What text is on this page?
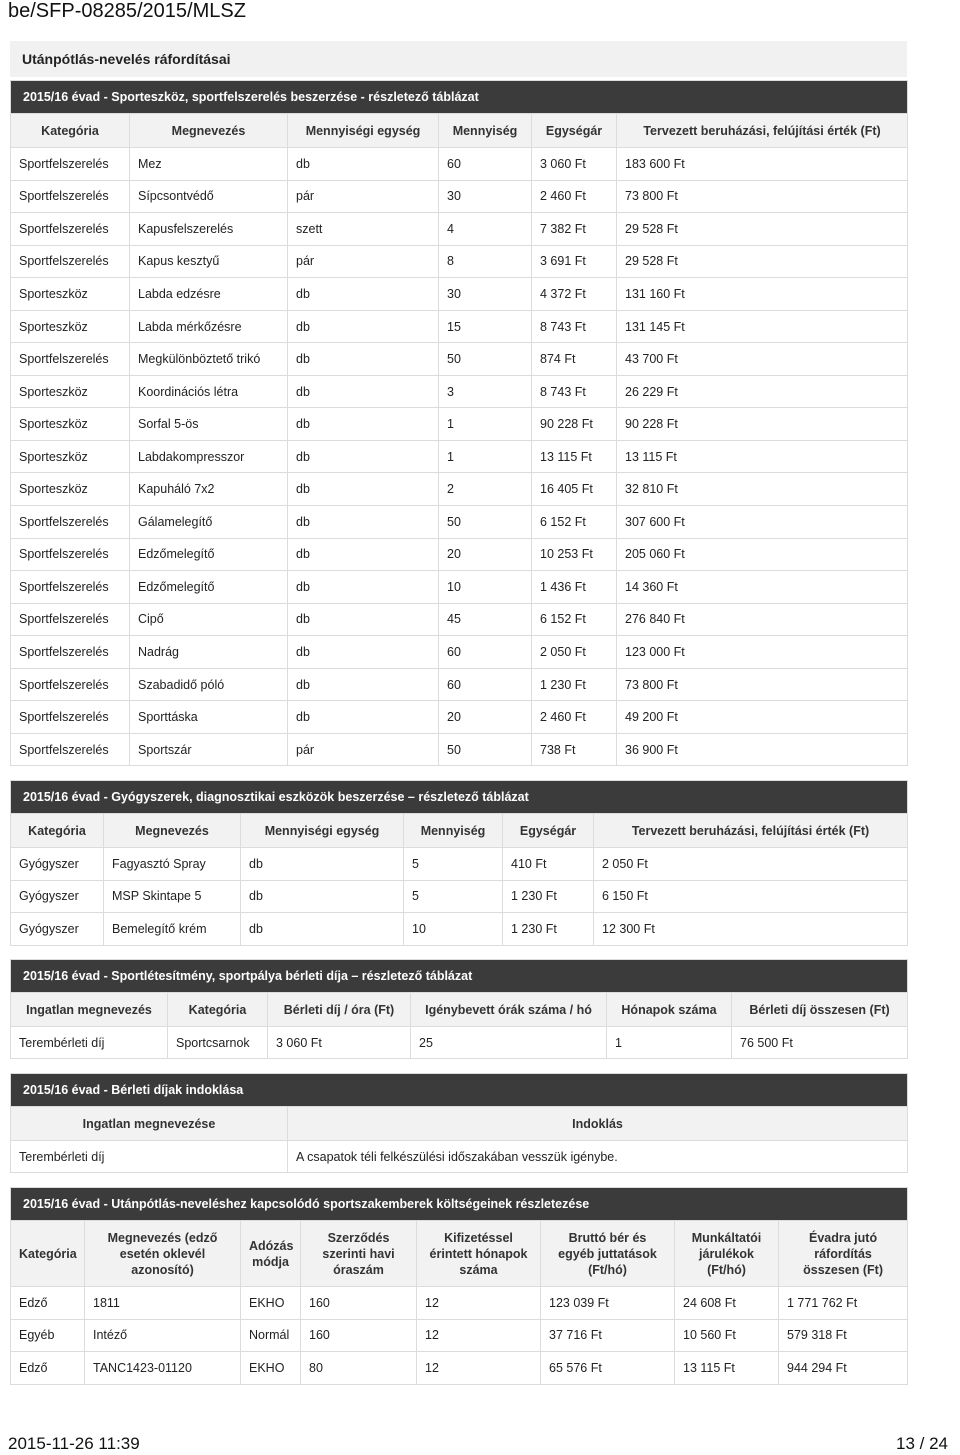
be/SFP-08285/2015/MLSZ
Utánpótlás-nevelés ráfordításai
2015/16 évad - Sporteszköz, sportfelszerelés beszerzése - részletező táblázat					
Kategória	Megnevezés	Mennyiségi egység	Mennyiség	Egységár	Tervezett beruházási, felújítási érték (Ft)
Sportfelszerelés	Mez	db	60	3 060 Ft	183 600 Ft
Sportfelszerelés	Sípcsontvédő	pár	30	2 460 Ft	73 800 Ft
Sportfelszerelés	Kapusfelszerelés	szett	4	7 382 Ft	29 528 Ft
Sportfelszerelés	Kapus kesztyű	pár	8	3 691 Ft	29 528 Ft
Sporteszköz	Labda edzésre	db	30	4 372 Ft	131 160 Ft
Sporteszköz	Labda mérkőzésre	db	15	8 743 Ft	131 145 Ft
Sportfelszerelés	Megkülönböztető trikó	db	50	874 Ft	43 700 Ft
Sporteszköz	Koordinációs létra	db	3	8 743 Ft	26 229 Ft
Sporteszköz	Sorfal 5-ös	db	1	90 228 Ft	90 228 Ft
Sporteszköz	Labdakompresszor	db	1	13 115 Ft	13 115 Ft
Sporteszköz	Kapuháló 7x2	db	2	16 405 Ft	32 810 Ft
Sportfelszerelés	Gálamelegítő	db	50	6 152 Ft	307 600 Ft
Sportfelszerelés	Edzőmelegítő	db	20	10 253 Ft	205 060 Ft
Sportfelszerelés	Edzőmelegítő	db	10	1 436 Ft	14 360 Ft
Sportfelszerelés	Cipő	db	45	6 152 Ft	276 840 Ft
Sportfelszerelés	Nadrág	db	60	2 050 Ft	123 000 Ft
Sportfelszerelés	Szabadidő póló	db	60	1 230 Ft	73 800 Ft
Sportfelszerelés	Sporttáska	db	20	2 460 Ft	49 200 Ft
Sportfelszerelés	Sportszár	pár	50	738 Ft	36 900 Ft
2015/16 évad - Gyógyszerek, diagnosztikai eszközök beszerzése – részletező táblázat					
Kategória	Megnevezés	Mennyiségi egység	Mennyiség	Egységár	Tervezett beruházási, felújítási érték (Ft)
Gyógyszer	Fagyasztó Spray	db	5	410 Ft	2 050 Ft
Gyógyszer	MSP Skintape 5	db	5	1 230 Ft	6 150 Ft
Gyógyszer	Bemelegítő krém	db	10	1 230 Ft	12 300 Ft
2015/16 évad - Sportlétesítmény, sportpálya bérleti díja – részletező táblázat					
Ingatlan megnevezés	Kategória	Bérleti díj / óra (Ft)	Igénybevett órák száma / hó	Hónapok száma	Bérleti díj összesen (Ft)
Terembérleti díj	Sportcsarnok	3 060 Ft	25	1	76 500 Ft
2015/16 évad - Bérleti díjak indoklása	
Ingatlan megnevezése	Indoklás
Terembérleti díj	A csapatok téli felkészülési időszakában vesszük igénybe.
2015/16 évad - Utánpótlás-neveléshez kapcsolódó sportszakemberek költségeinek részletezése							
Kategória	Megnevezés (edző esetén oklevél azonosító)	Adózás módja	Szerződés szerinti havi óraszám	Kifizetéssel érintett hónapok száma	Bruttó bér és egyéb juttatások (Ft/hó)	Munkáltatói járulékok (Ft/hó)	Évadra jutó ráfordítás összesen (Ft)
Edző	1811	EKHO	160	12	123 039 Ft	24 608 Ft	1 771 762 Ft
Egyéb	Intéző	Normál	160	12	37 716 Ft	10 560 Ft	579 318 Ft
Edző	TANC1423-01120	EKHO	80	12	65 576 Ft	13 115 Ft	944 294 Ft
2015-11-26 11:39	13 / 24
